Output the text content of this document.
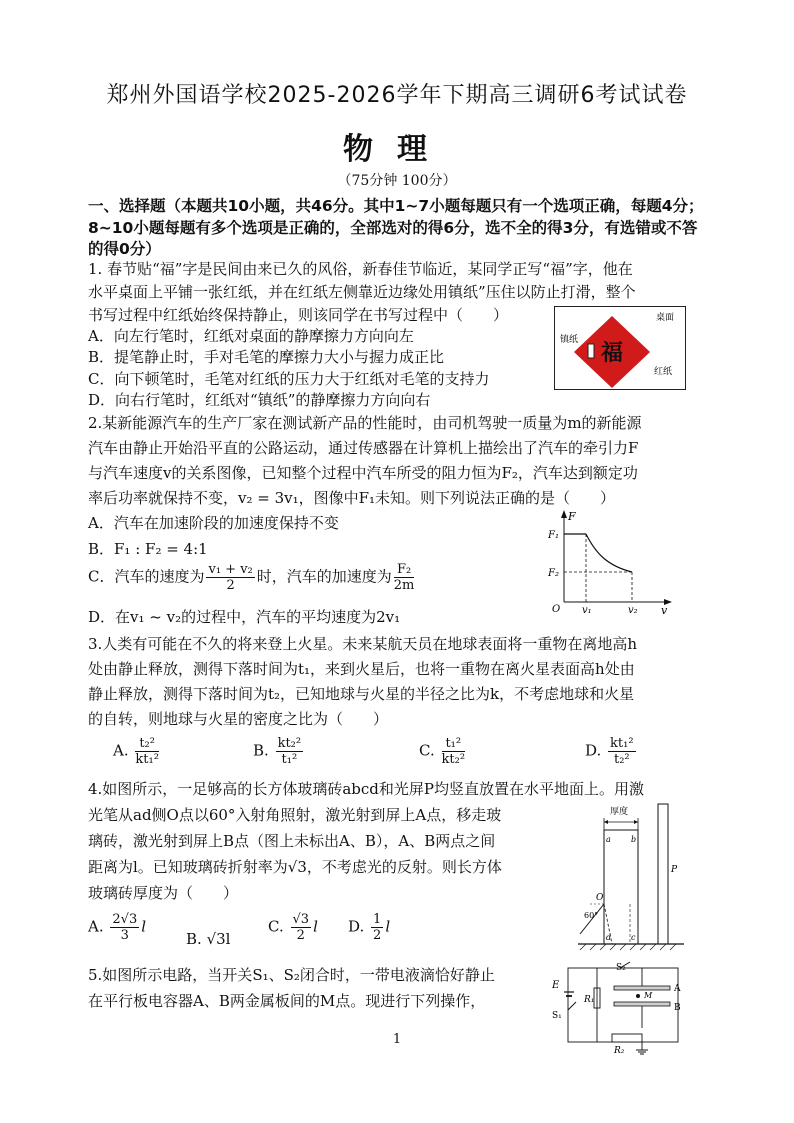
郑州外国语学校2025-2026学年下期高三调研6考试试卷
物理
（75分钟 100分）
一、选择题（本题共10小题，共46分。其中1~7小题每题只有一个选项正确，每题4分；8~10小题每题有多个选项是正确的，全部选对的得6分，选不全的得3分，有选错或不答的得0分）
1. 春节贴“福”字是民间由来已久的风俗，新春佳节临近，某同学正写“福”字，他在
水平桌面上平铺一张红纸，并在红纸左侧靠近边缘处用镇纸”压住以防止打滑，整个
书写过程中红纸始终保持静止，则该同学在书写过程中（　　）
A．向左行笔时，红纸对桌面的静摩擦力方向向左
B．提笔静止时，手对毛笔的摩擦力大小与握力成正比
C．向下顿笔时，毛笔对红纸的压力大于红纸对毛笔的支持力
D．向右行笔时，红纸对“镇纸”的静摩擦力方向向右
福
桌面
镇纸
红纸
2.某新能源汽车的生产厂家在测试新产品的性能时，由司机驾驶一质量为m的新能源
汽车由静止开始沿平直的公路运动，通过传感器在计算机上描绘出了汽车的牵引力F
与汽车速度v的关系图像，已知整个过程中汽车所受的阻力恒为F₂，汽车达到额定功
率后功率就保持不变，v₂ = 3v₁，图像中F₁未知。则下列说法正确的是（　　）
A．汽车在加速阶段的加速度保持不变
B．F₁ : F₂ = 4:1
C．汽车的速度为 $\frac{\text{v₁ + v₂}}{2}$ 时，汽车的加速度为 $\frac{\text{F₂}}{2m}$
D．在v₁ ~ v₂的过程中，汽车的平均速度为2v₁
F
v
O
F₁
F₂
v₁	v₂
3.人类有可能在不久的将来登上火星。未来某航天员在地球表面将一重物在离地高h
处由静止释放，测得下落时间为t₁，来到火星后，也将一重物在离火星表面高h处由
静止释放，测得下落时间为t₂，已知地球与火星的半径之比为k，不考虑地球和火星
的自转，则地球与火星的密度之比为（　　）
A. $\frac{\text{t₂²}}{\text{kt₁²}}$	B. $\frac{\text{kt₂²}}{\text{t₁²}}$	C. $\frac{\text{t₁²}}{\text{kt₂²}}$	D. $\frac{\text{kt₁²}}{\text{t₂²}}$
4.如图所示，一足够高的长方体玻璃砖abcd和光屏P均竖直放置在水平地面上。用激
光笔从ad侧O点以60°入射角照射，激光射到屏上A点，移走玻
璃砖，激光射到屏上B点（图上未标出A、B），A、B两点之间
距离为l。已知玻璃砖折射率为√3，不考虑光的反射。则长方体
玻璃砖厚度为（　　）
A. $\frac{2√3}{3}$ l
B. √3l
C. $\frac{√3}{2}$ l D. $\frac{1}{2}$ l
厚度
a	b
c
d
O
60°
P
5.如图所示电路，当开关S₁、S₂闭合时，一带电液滴恰好静止
在平行板电容器A、B两金属板间的M点。现进行下列操作，
E
S₁
S₂
R₁
R₂
M
A
B
1
